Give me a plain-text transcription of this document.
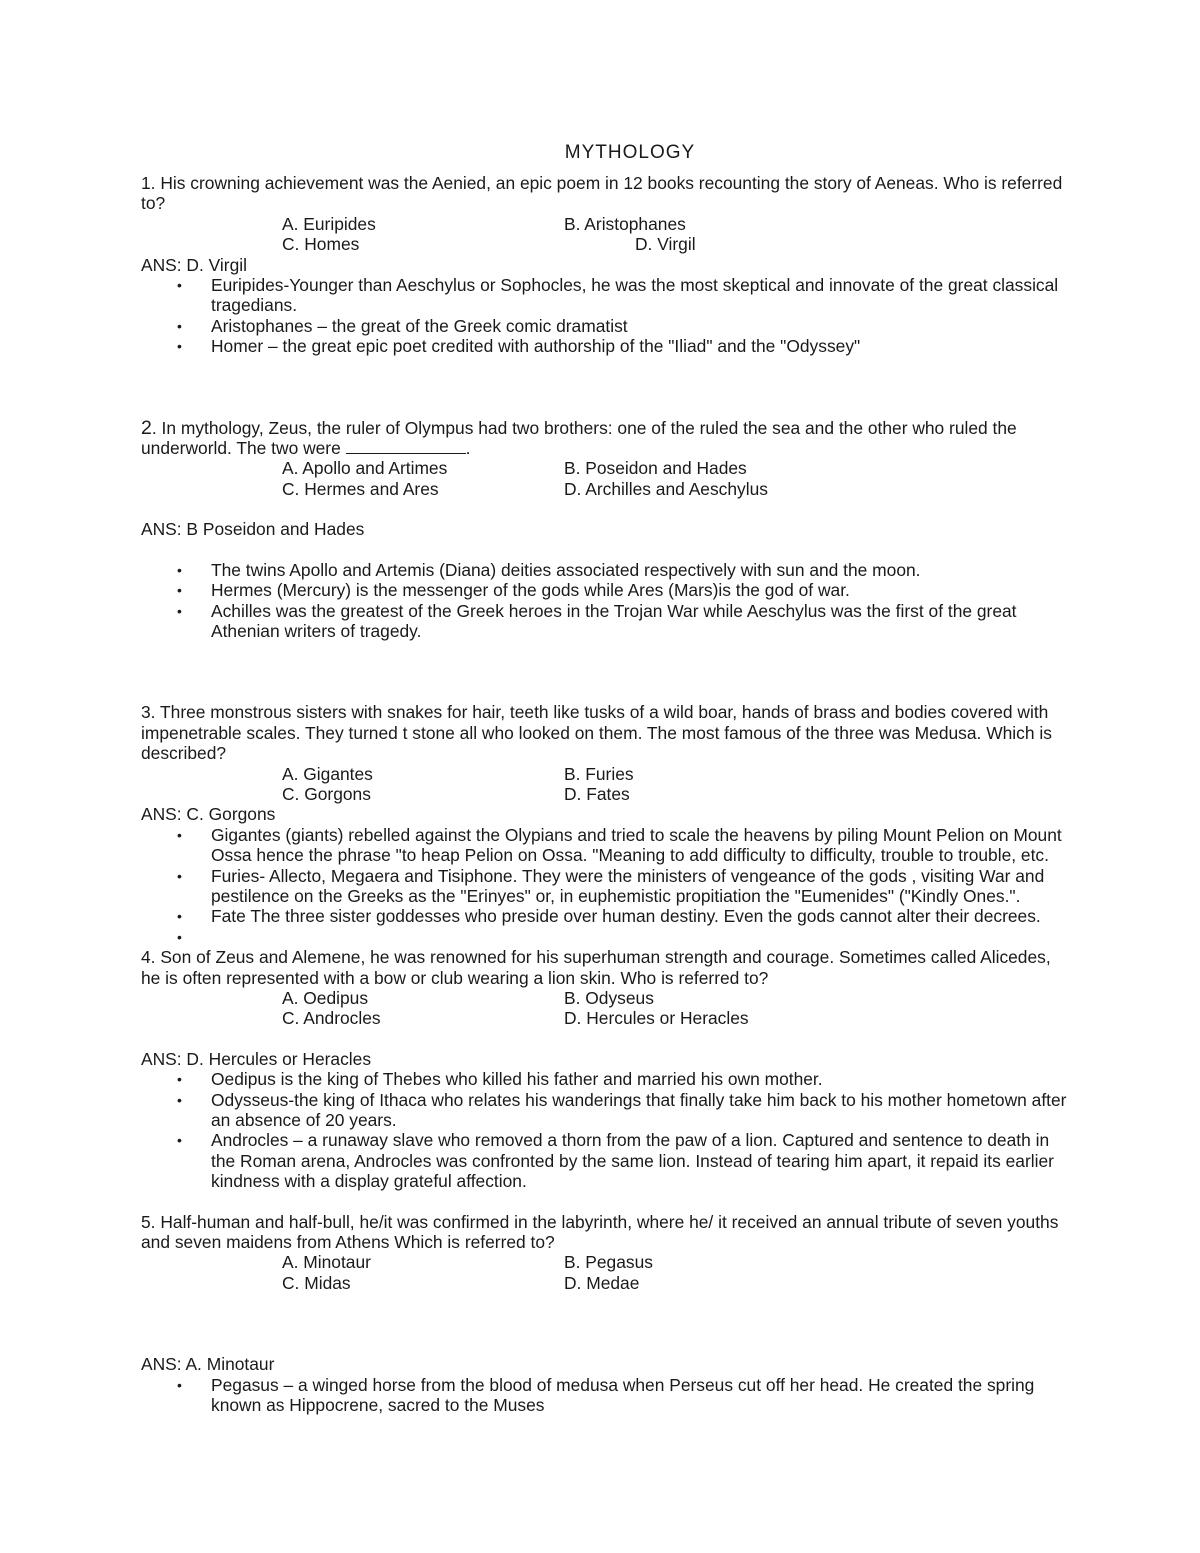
MYTHOLOGY

1. His crowning achievement was the Aenied, an epic poem in 12 books recounting the story of Aeneas. Who is referred to?

A. Euripides	B. Aristophanes
C. Homes	D. Virgil

ANS: D. Virgil

• Euripides-Younger than Aeschylus or Sophocles, he was the most skeptical and innovate of the great classical tragedians.
• Aristophanes – the great of the Greek comic dramatist
• Homer – the great epic poet credited with authorship of the "Iliad" and the "Odyssey"

2. In mythology, Zeus, the ruler of Olympus had two brothers: one of the ruled the sea and the other who ruled the underworld. The two were	.

A. Apollo and Artimes	B. Poseidon and Hades
C. Hermes and Ares	D. Archilles and Aeschylus

ANS: B Poseidon and Hades

• The twins Apollo and Artemis (Diana) deities associated respectively with sun and the moon.
• Hermes (Mercury) is the messenger of the gods while Ares (Mars)is the god of war.
• Achilles was the greatest of the Greek heroes in the Trojan War while Aeschylus was the first of the great Athenian writers of tragedy.

3. Three monstrous sisters with snakes for hair, teeth like tusks of a wild boar, hands of brass and bodies covered with impenetrable scales. They turned t stone all who looked on them. The most famous of the three was Medusa. Which is described?

A. Gigantes	B. Furies
C. Gorgons	D. Fates

ANS: C. Gorgons

• Gigantes (giants) rebelled against the Olypians and tried to scale the heavens by piling Mount Pelion on Mount Ossa hence the phrase "to heap Pelion on Ossa. "Meaning to add difficulty to difficulty, trouble to trouble, etc.
• Furies- Allecto, Megaera and Tisiphone. They were the ministers of vengeance of the gods , visiting War and pestilence on the Greeks as the "Erinyes" or, in euphemistic propitiation the "Eumenides" ("Kindly Ones.".
• Fate The three sister goddesses who preside over human destiny. Even the gods cannot alter their decrees.
•

4. Son of Zeus and Alemene, he was renowned for his superhuman strength and courage. Sometimes called Alicedes, he is often represented with a bow or club wearing a lion skin. Who is referred to?

A. Oedipus	B. Odyseus
C. Androcles	D. Hercules or Heracles

ANS: D. Hercules or Heracles

• Oedipus is the king of Thebes who killed his father and married his own mother.
• Odysseus-the king of Ithaca who relates his wanderings that finally take him back to his mother hometown after an absence of 20 years.
• Androcles – a runaway slave who removed a thorn from the paw of a lion. Captured and sentence to death in the Roman arena, Androcles was confronted by the same lion. Instead of tearing him apart, it repaid its earlier kindness with a display grateful affection.

5. Half-human and half-bull, he/it was confirmed in the labyrinth, where he/ it received an annual tribute of seven youths and seven maidens from Athens Which is referred to?

A. Minotaur	B. Pegasus
C. Midas	D. Medae

ANS: A. Minotaur

• Pegasus – a winged horse from the blood of medusa when Perseus cut off her head. He created the spring known as Hippocrene, sacred to the Muses
